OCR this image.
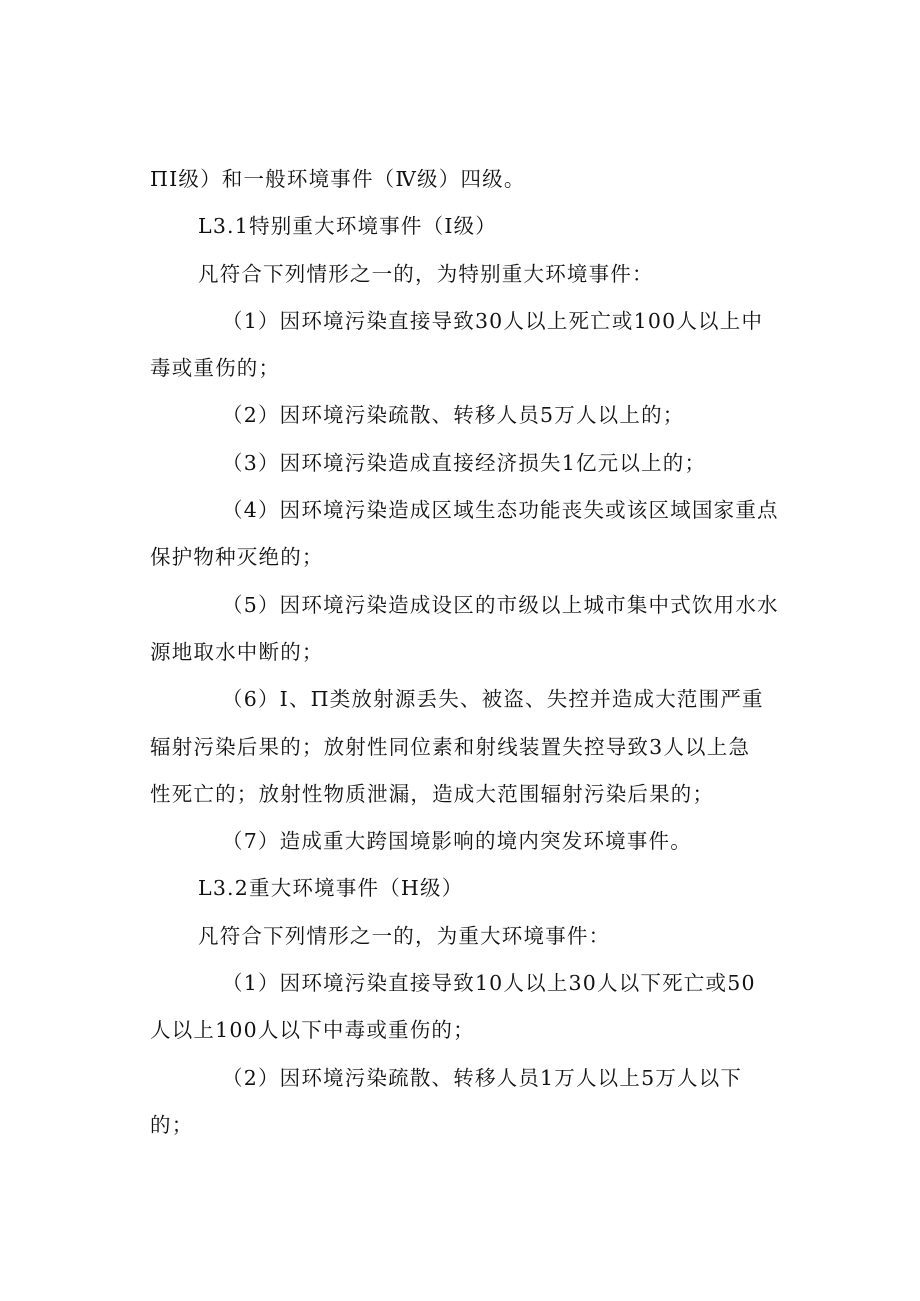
ΠⅠ级）和一般环境事件（Ⅳ级）四级。
L3.1特别重大环境事件（Ⅰ级）
凡符合下列情形之一的，为特别重大环境事件：
（1）因环境污染直接导致30人以上死亡或100人以上中
毒或重伤的；
（2）因环境污染疏散、转移人员5万人以上的；
（3）因环境污染造成直接经济损失1亿元以上的；
（4）因环境污染造成区域生态功能丧失或该区域国家重点
保护物种灭绝的；
（5）因环境污染造成设区的市级以上城市集中式饮用水水
源地取水中断的；
（6）Ⅰ、Π类放射源丢失、被盗、失控并造成大范围严重
辐射污染后果的；放射性同位素和射线装置失控导致3人以上急
性死亡的；放射性物质泄漏，造成大范围辐射污染后果的；
（7）造成重大跨国境影响的境内突发环境事件。
L3.2重大环境事件（H级）
凡符合下列情形之一的，为重大环境事件：
（1）因环境污染直接导致10人以上30人以下死亡或50
人以上100人以下中毒或重伤的；
（2）因环境污染疏散、转移人员1万人以上5万人以下
的；
